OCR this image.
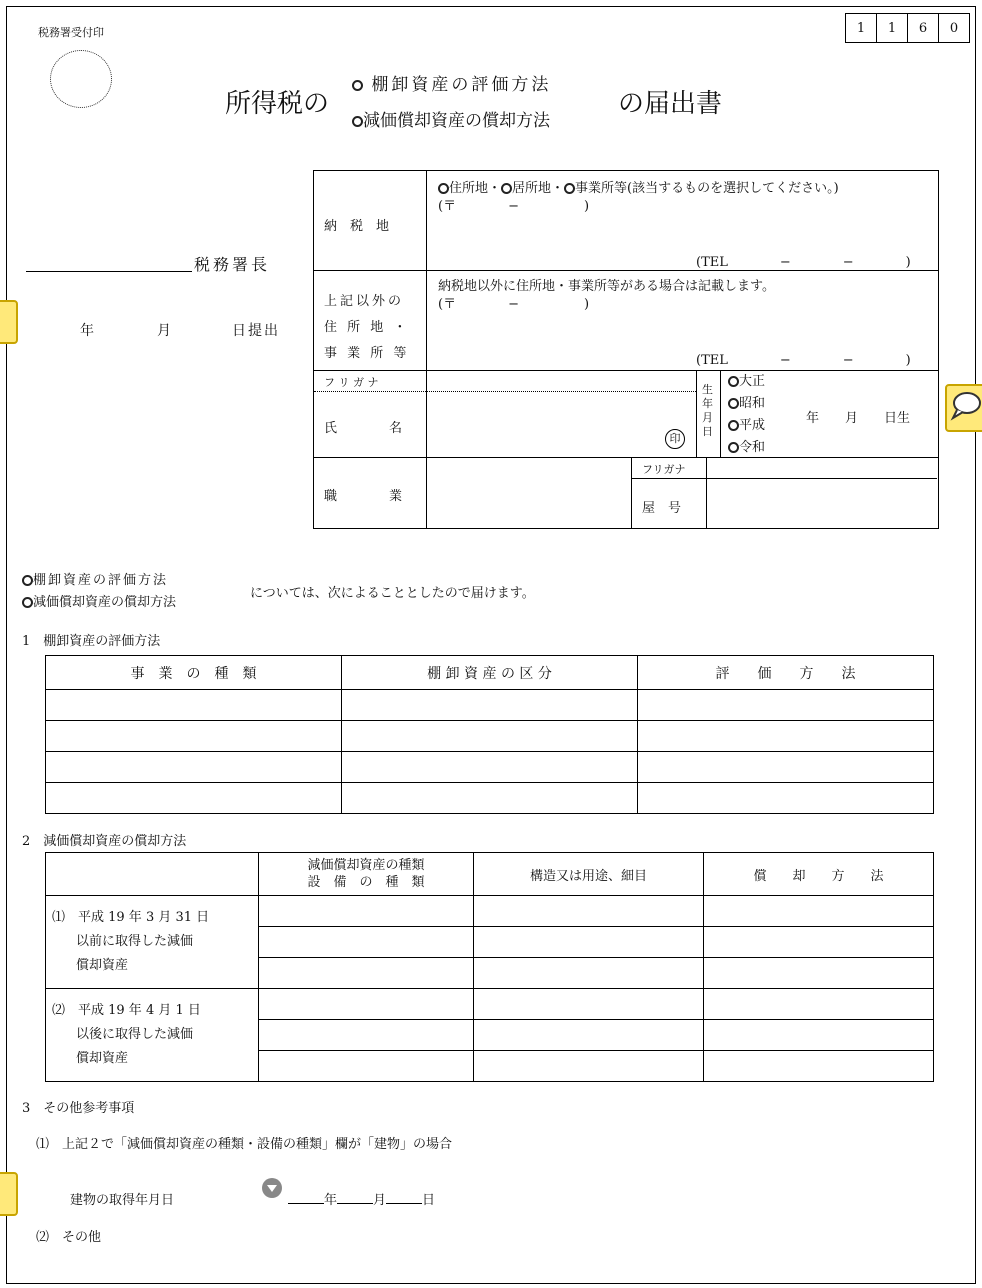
税務署受付印	1	1	6	0
所得税の
棚卸資産の評価方法
減価償却資産の償却方法
の届出書
税務署長
年	月	日提出
納　税　地
住所地・ 居所地・ 事業所等(該当するものを選択してください。)
(〒　　　　−　　　　　)
(TEL　　　　−　　　　−　　　　)
上記以外の
住 所 地 ・
事 業 所 等
納税地以外に住所地・事業所等がある場合は記載します。
(〒　　　　−　　　　　)
(TEL　　　　−　　　　−　　　　)
フ リ ガ ナ
氏　　　　名
印
生年月日
大正
昭和
平成
令和
年　　月　　日生
職　　　　業
フリガナ
屋　号
棚卸資産の評価方法
減価償却資産の償却方法
については、次によることとしたので届けます。
1　棚卸資産の評価方法
事　業　の　種　類	棚 卸 資 産 の 区 分	評　　価　　方　　法

2　減価償却資産の償却方法

	減価償却資産の種類
設　備　の　種　類	構造又は用途、細目	償　　却　　方　　法

⑴　平成 19 年 3 月 31 日
以前に取得した減価
償却資産			

⑵　平成 19 年 4 月 1 日
以後に取得した減価
償却資産			

3　その他参考事項
⑴　上記２で「減価償却資産の種類・設備の種類」欄が「建物」の場合
建物の取得年月日	年	月	日
⑵　その他
